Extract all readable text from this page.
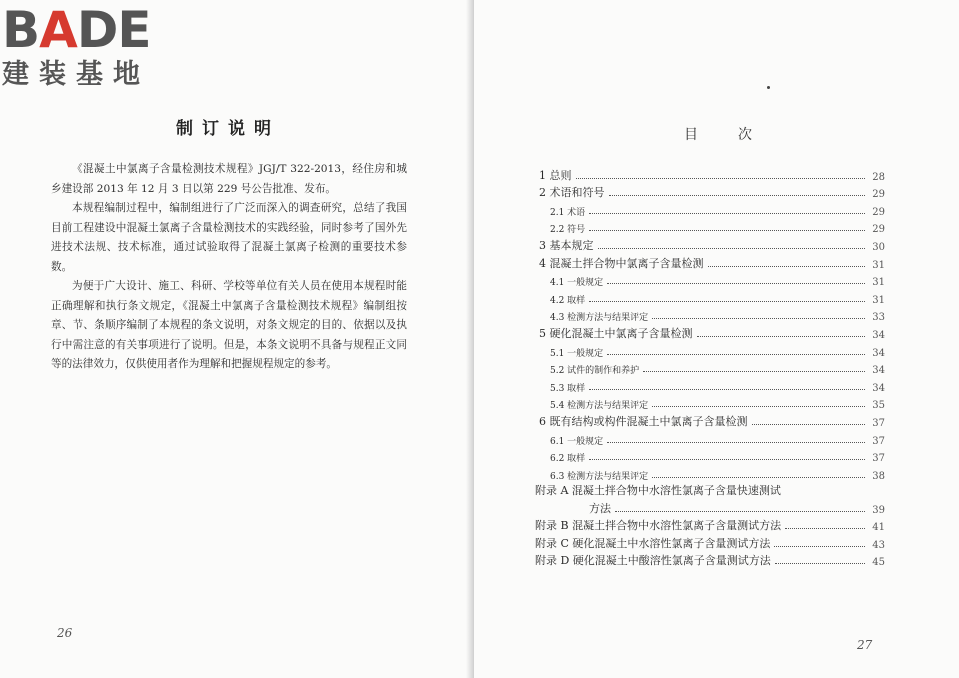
BADE
建装基地
制订说明

《混凝土中氯离子含量检测技术规程》JGJ/T 322-2013，经住房和城乡建设部 2013 年 12 月 3 日以第 229 号公告批准、发布。

本规程编制过程中，编制组进行了广泛而深入的调查研究，总结了我国目前工程建设中混凝土氯离子含量检测技术的实践经验，同时参考了国外先进技术法规、技术标准，通过试验取得了混凝土氯离子检测的重要技术参数。

为便于广大设计、施工、科研、学校等单位有关人员在使用本规程时能正确理解和执行条文规定，《混凝土中氯离子含量检测技术规程》编制组按章、节、条顺序编制了本规程的条文说明，对条文规定的目的、依据以及执行中需注意的有关事项进行了说明。但是，本条文说明不具备与规程正文同等的法律效力，仅供使用者作为理解和把握规程规定的参考。

26
目次
1 总则	28
2 术语和符号	29
2.1 术语	29
2.2 符号	29
3 基本规定	30
4 混凝土拌合物中氯离子含量检测	31
4.1 一般规定	31
4.2 取样	31
4.3 检测方法与结果评定	33
5 硬化混凝土中氯离子含量检测	34
5.1 一般规定	34
5.2 试件的制作和养护	34
5.3 取样	34
5.4 检测方法与结果评定	35
6 既有结构或构件混凝土中氯离子含量检测	37
6.1 一般规定	37
6.2 取样	37
6.3 检测方法与结果评定	38
附录 A 混凝土拌合物中水溶性氯离子含量快速测试
方法	39
附录 B 混凝土拌合物中水溶性氯离子含量测试方法	41
附录 C 硬化混凝土中水溶性氯离子含量测试方法	43
附录 D 硬化混凝土中酸溶性氯离子含量测试方法	45
27
